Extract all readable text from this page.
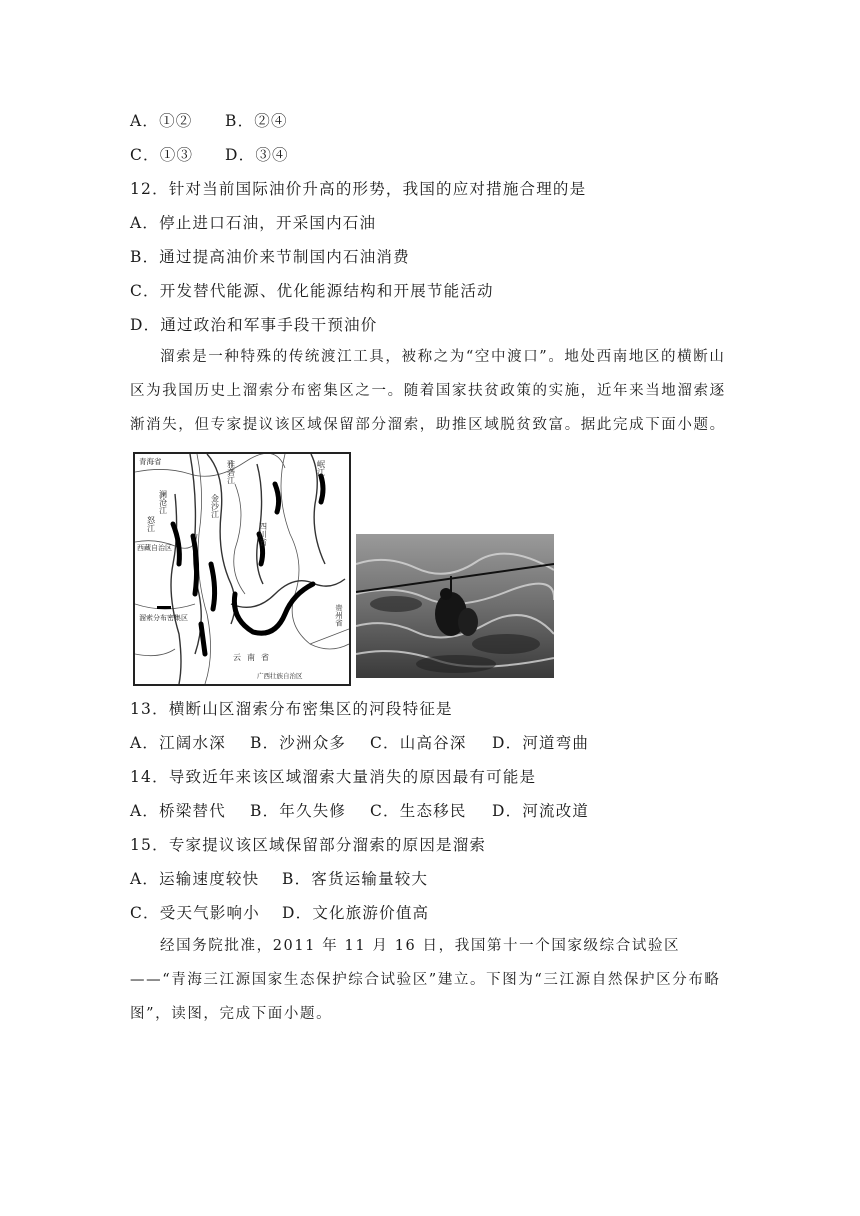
A．①② B．②④
C．①③ D．③④
12．针对当前国际油价升高的形势，我国的应对措施合理的是
A．停止进口石油，开采国内石油
B．通过提高油价来节制国内石油消费
C．开发替代能源、优化能源结构和开展节能活动
D．通过政治和军事手段干预油价

溜索是一种特殊的传统渡江工具，被称之为“空中渡口”。地处西南地区的横断山区为我国历史上溜索分布密集区之一。随着国家扶贫政策的实施，近年来当地溜索逐渐消失，但专家提议该区域保留部分溜索，助推区域脱贫致富。据此完成下面小题。

青海省
澜沧江	金沙江
雅砻江	岷江
怒江
西藏自治区
四川省
云南省
贵州省
广西壮族自治区
溜索分布密集区
13．横断山区溜索分布密集区的河段特征是
A．江阔水深 B．沙洲众多 C．山高谷深 D．河道弯曲
14．导致近年来该区域溜索大量消失的原因最有可能是
A．桥梁替代 B．年久失修 C．生态移民 D．河流改道
15．专家提议该区域保留部分溜索的原因是溜索
A．运输速度较快 B．客货运输量较大
C．受天气影响小 D．文化旅游价值高

经国务院批准，2011 年 11 月 16 日，我国第十一个国家级综合试验区——“青海三江源国家生态保护综合试验区”建立。下图为“三江源自然保护区分布略图”，读图，完成下面小题。
